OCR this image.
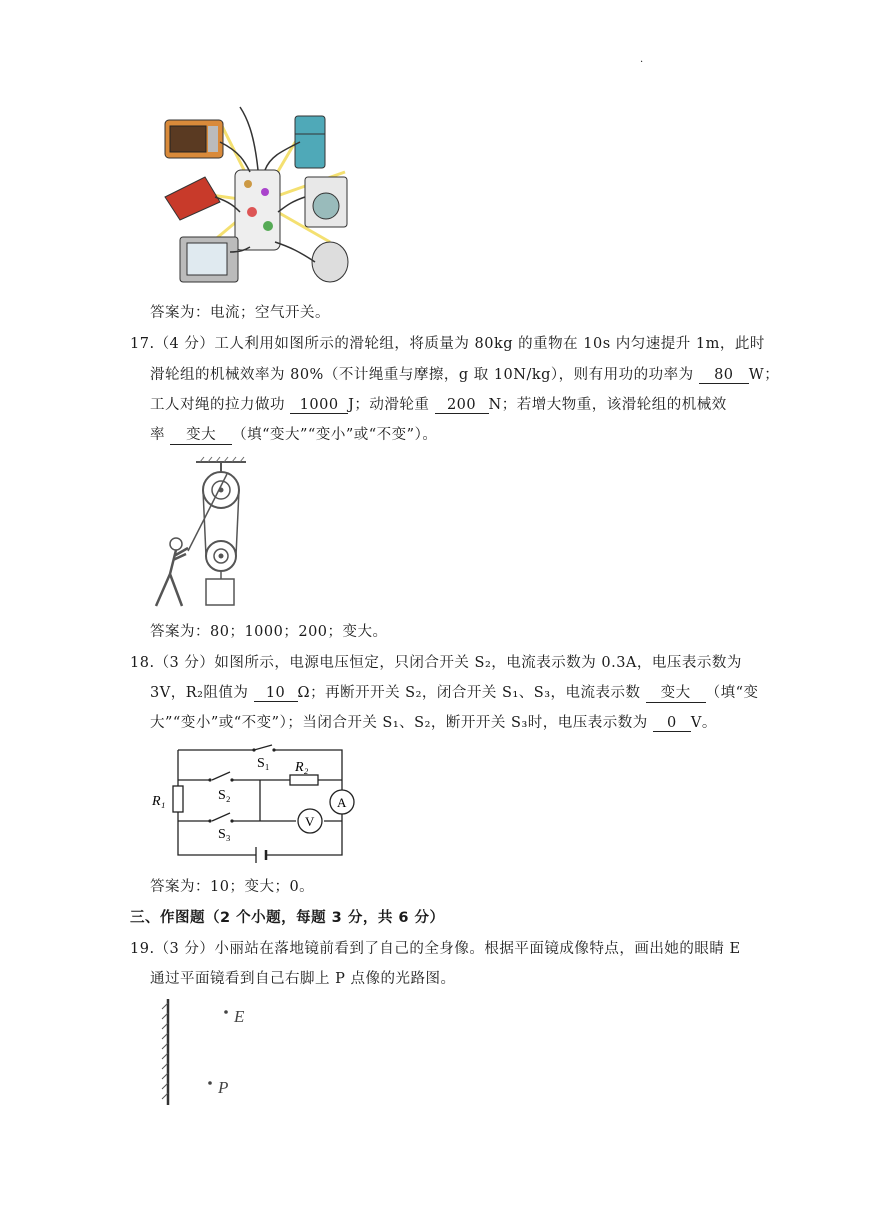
.
答案为：电流；空气开关。
17.（4 分）工人利用如图所示的滑轮组，将质量为 80kg 的重物在 10s 内匀速提升 1m，此时
滑轮组的机械效率为 80%（不计绳重与摩擦，g 取 10N/kg），则有用功的功率为 80 W；
工人对绳的拉力做功 1000 J；动滑轮重 200 N；若增大物重，该滑轮组的机械效
率 变大 （填“变大”“变小”或“不变”）。
答案为：80；1000；200；变大。
18.（3 分）如图所示，电源电压恒定，只闭合开关 S₂，电流表示数为 0.3A，电压表示数为
3V，R₂阻值为 10 Ω；再断开开关 S₂，闭合开关 S₁、S₃，电流表示数 变大 （填“变
大”“变小”或“不变”）；当闭合开关 S₁、S₂，断开开关 S₃时，电压表示数为 0 V。
S₁ R₂
S₂
S₃
R₁	A
V
答案为：10；变大；0。
三、作图题（2 个小题，每题 3 分，共 6 分）
19.（3 分）小丽站在落地镜前看到了自己的全身像。根据平面镜成像特点，画出她的眼睛 E
通过平面镜看到自己右脚上 P 点像的光路图。
E
P
